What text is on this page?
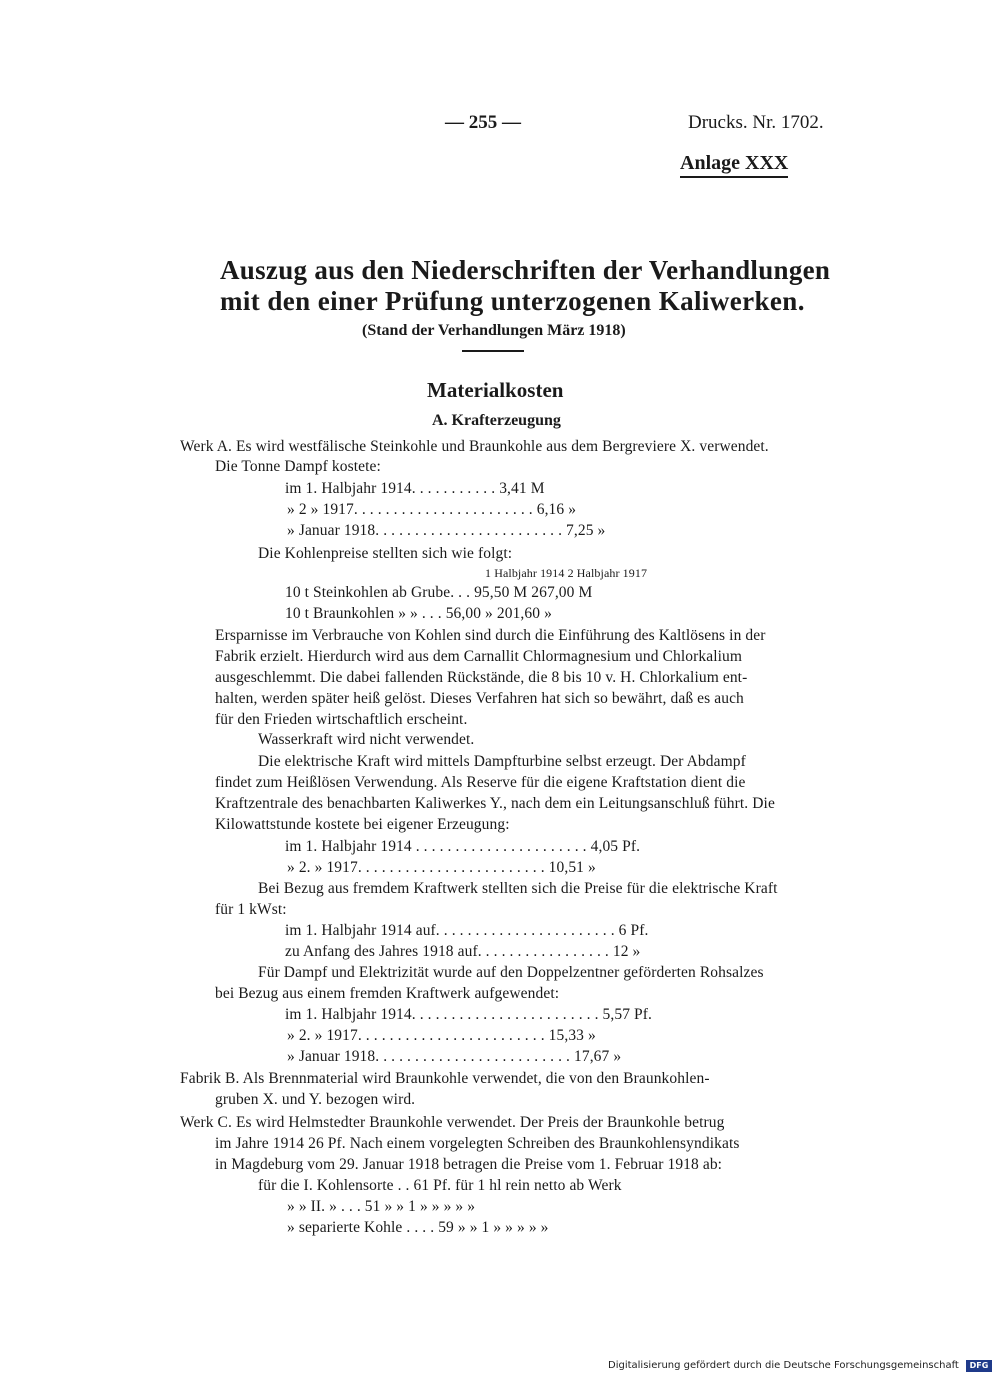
— 255 —	Drucks. Nr. 1702.
Anlage XXX
Auszug aus den Niederschriften der Verhandlungen
mit den einer Prüfung unterzogenen Kaliwerken.
(Stand der Verhandlungen März 1918)
Materialkosten
A. Krafterzeugung
Werk A. Es wird westfälische Steinkohle und Braunkohle aus dem Bergreviere X. verwendet.
Die Tonne Dampf kostete:
im 1. Halbjahr 1914. . . . . . . . . . . 3,41 M
» 2 » 1917. . . . . . . . . . . . . . . . . . . . . . . 6,16 »
» Januar 1918. . . . . . . . . . . . . . . . . . . . . . . . 7,25 »
Die Kohlenpreise stellten sich wie folgt:
1 Halbjahr 1914 2 Halbjahr 1917
10 t Steinkohlen ab Grube. . . 95,50 M 267,00 M
10 t Braunkohlen » » . . . 56,00 » 201,60 »
Ersparnisse im Verbrauche von Kohlen sind durch die Einführung des Kaltlösens in der
Fabrik erzielt. Hierdurch wird aus dem Carnallit Chlormagnesium und Chlorkalium
ausgeschlemmt. Die dabei fallenden Rückstände, die 8 bis 10 v. H. Chlorkalium ent-
halten, werden später heiß gelöst. Dieses Verfahren hat sich so bewährt, daß es auch
für den Frieden wirtschaftlich erscheint.
Wasserkraft wird nicht verwendet.
Die elektrische Kraft wird mittels Dampfturbine selbst erzeugt. Der Abdampf
findet zum Heißlösen Verwendung. Als Reserve für die eigene Kraftstation dient die
Kraftzentrale des benachbarten Kaliwerkes Y., nach dem ein Leitungsanschluß führt. Die
Kilowattstunde kostete bei eigener Erzeugung:
im 1. Halbjahr 1914 . . . . . . . . . . . . . . . . . . . . . . 4,05 Pf.
» 2. » 1917. . . . . . . . . . . . . . . . . . . . . . . . 10,51 »
Bei Bezug aus fremdem Kraftwerk stellten sich die Preise für die elektrische Kraft
für 1 kWst:
im 1. Halbjahr 1914 auf. . . . . . . . . . . . . . . . . . . . . . . 6 Pf.
zu Anfang des Jahres 1918 auf. . . . . . . . . . . . . . . . . 12 »
Für Dampf und Elektrizität wurde auf den Doppelzentner geförderten Rohsalzes
bei Bezug aus einem fremden Kraftwerk aufgewendet:
im 1. Halbjahr 1914. . . . . . . . . . . . . . . . . . . . . . . . 5,57 Pf.
» 2. » 1917. . . . . . . . . . . . . . . . . . . . . . . . 15,33 »
» Januar 1918. . . . . . . . . . . . . . . . . . . . . . . . . 17,67 »
Fabrik B. Als Brennmaterial wird Braunkohle verwendet, die von den Braunkohlen-
gruben X. und Y. bezogen wird.
Werk C. Es wird Helmstedter Braunkohle verwendet. Der Preis der Braunkohle betrug
im Jahre 1914 26 Pf. Nach einem vorgelegten Schreiben des Braunkohlensyndikats
in Magdeburg vom 29. Januar 1918 betragen die Preise vom 1. Februar 1918 ab:
für die I. Kohlensorte . . 61 Pf. für 1 hl rein netto ab Werk
» » II. » . . . 51 » » 1 » » » » »
» separierte Kohle . . . . 59 » » 1 » » » » »
Digitalisierung gefördert durch die Deutsche Forschungsgemeinschaft	DFG
